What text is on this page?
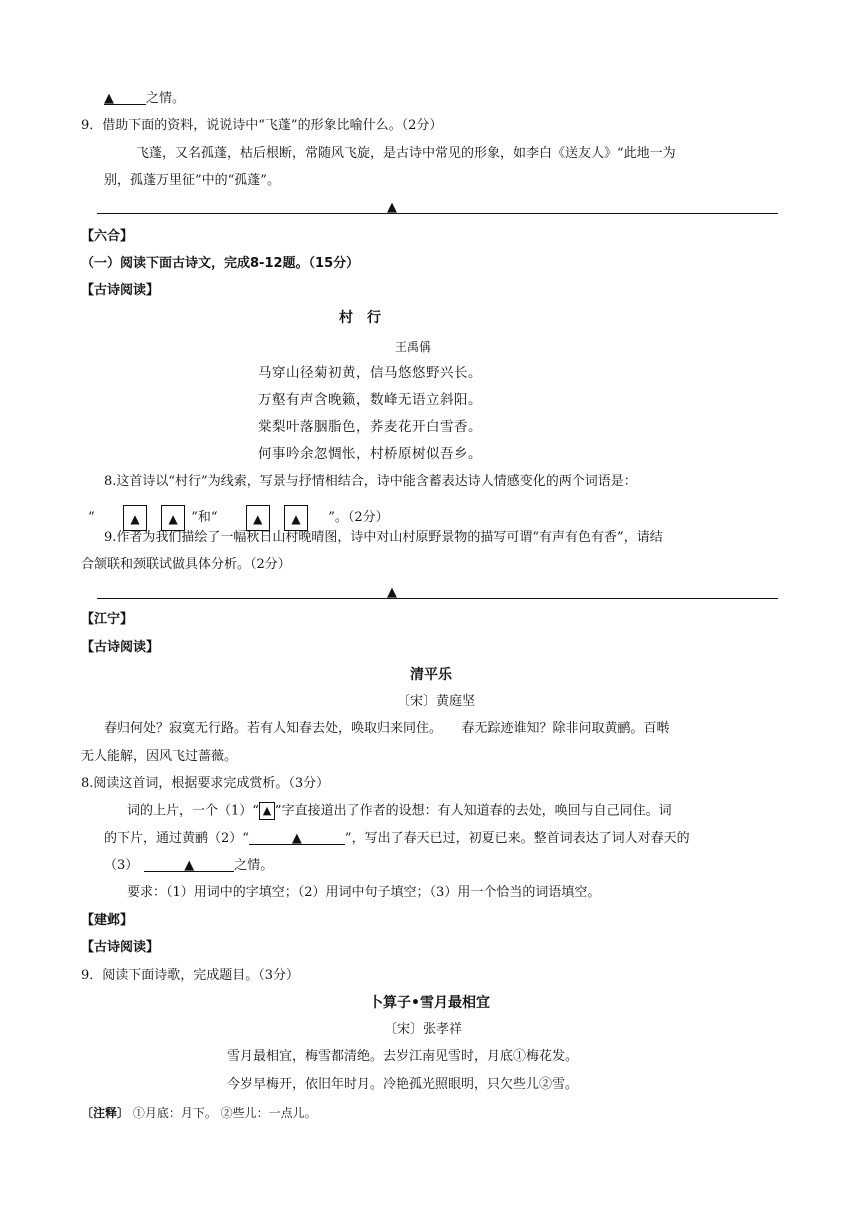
▲ 之情。
9．借助下面的资料，说说诗中“飞蓬”的形象比喻什么。（2分）
飞蓬，又名孤蓬，枯后根断，常随风飞旋，是古诗中常见的形象，如李白《送友人》“此地一为
别，孤蓬万里征”中的“孤蓬”。
▲
【六合】
（一）阅读下面古诗文，完成8-12题。（15分）
【古诗阅读】
村　行
王禹偁
马穿山径菊初黄，信马悠悠野兴长。
万壑有声含晚籁，数峰无语立斜阳。
棠梨叶落胭脂色，荞麦花开白雪香。
何事吟余忽惆怅，村桥原树似吾乡。
8.这首诗以“村行”为线索，写景与抒情相结合，诗中能含蓄表达诗人情感变化的两个词语是：
“	▲ ▲ ”和“	▲ ▲ ”。（2分）
9.作者为我们描绘了一幅秋日山村晚晴图，诗中对山村原野景物的描写可谓“有声有色有香”，请结
合颔联和颈联试做具体分析。（2分）
▲
【江宁】
【古诗阅读】
清平乐
〔宋〕黄庭坚
春归何处？寂寞无行路。若有人知春去处，唤取归来同住。　　春无踪迹谁知？除非问取黄鹂。百啭
无人能解，因风飞过蔷薇。
8.阅读这首词，根据要求完成赏析。（3分）
词的上片，一个（1）“ ▲ ”字直接道出了作者的设想：有人知道春的去处，唤回与自己同住。词
的下片，通过黄鹂（2）“	▲	”，写出了春天已过，初夏已来。整首词表达了词人对春天的
（3）	▲	之情。
要求：（1）用词中的字填空；（2）用词中句子填空；（3）用一个恰当的词语填空。
【建邺】
【古诗阅读】
9．阅读下面诗歌，完成题目。（3分）
卜算子•雪月最相宜
〔宋〕张孝祥
雪月最相宜，梅雪都清绝。去岁江南见雪时，月底①梅花发。
今岁早梅开，依旧年时月。冷艳孤光照眼明，只欠些儿②雪。
〔注释〕 ①月底：月下。 ②些儿：一点儿。
